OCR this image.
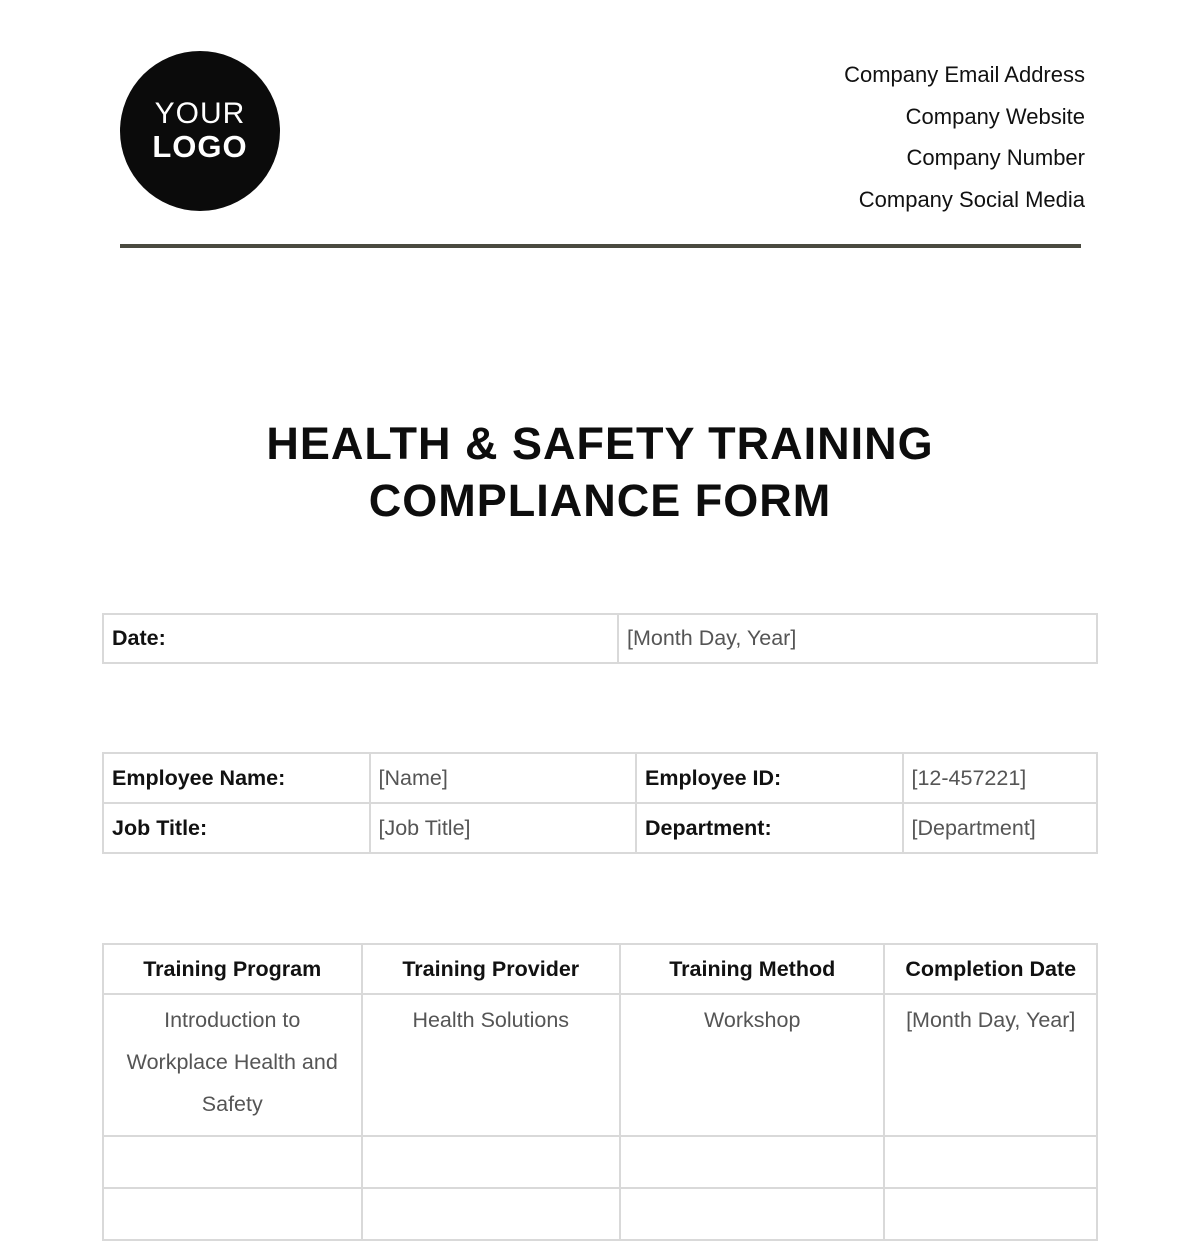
YOUR
LOGO
Company Email Address
Company Website
Company Number
Company Social Media
HEALTH & SAFETY TRAINING
COMPLIANCE FORM
Date:	[Month Day, Year]
Employee Name:	[Name]	Employee ID:	[12-457221]
Job Title:	[Job Title]	Department:	[Department]
Training Program	Training Provider	Training Method	Completion Date
Introduction to Workplace Health and Safety	Health Solutions	Workshop	[Month Day, Year]
